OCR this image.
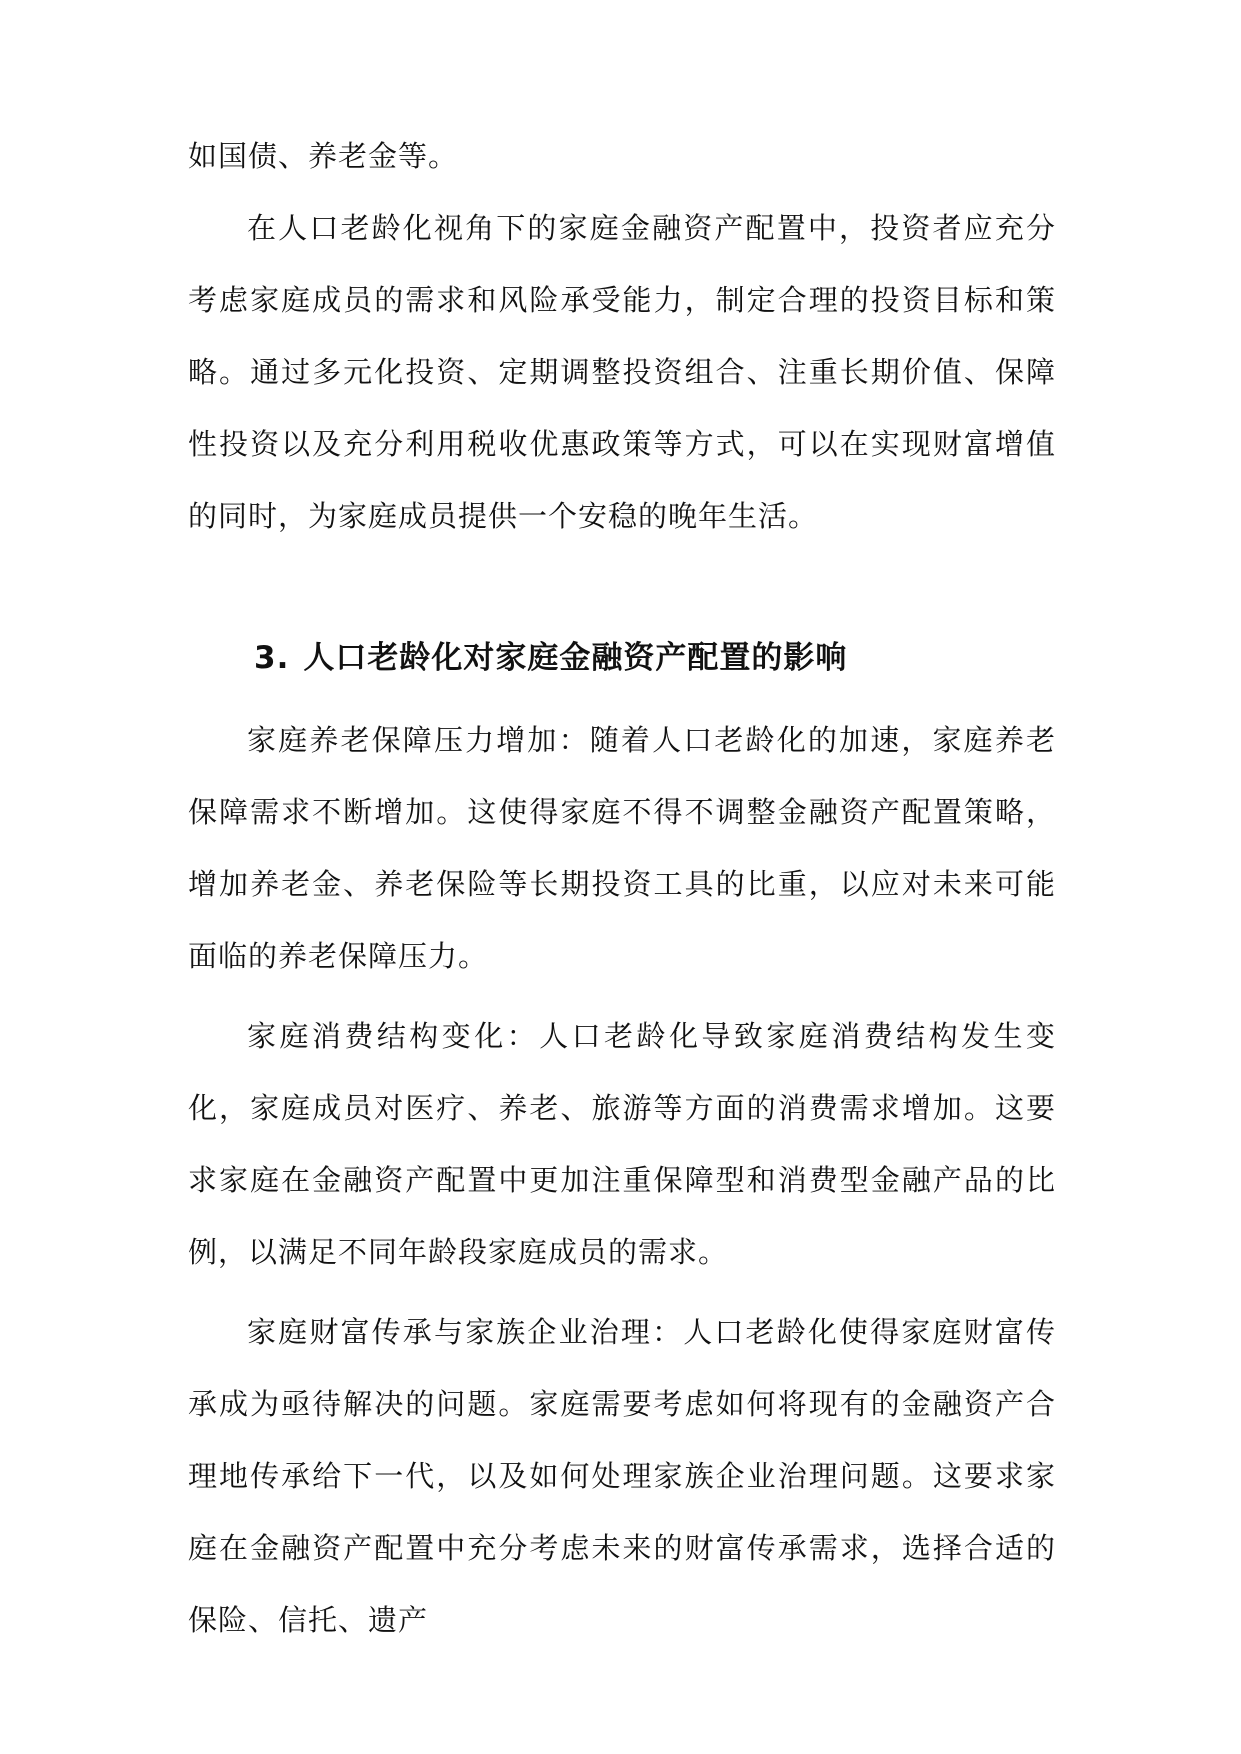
如国债、养老金等。

在人口老龄化视角下的家庭金融资产配置中，投资者应充分考虑家庭成员的需求和风险承受能力，制定合理的投资目标和策略。通过多元化投资、定期调整投资组合、注重长期价值、保障性投资以及充分利用税收优惠政策等方式，可以在实现财富增值的同时，为家庭成员提供一个安稳的晚年生活。

3. 人口老龄化对家庭金融资产配置的影响

家庭养老保障压力增加：随着人口老龄化的加速，家庭养老保障需求不断增加。这使得家庭不得不调整金融资产配置策略，增加养老金、养老保险等长期投资工具的比重，以应对未来可能面临的养老保障压力。

家庭消费结构变化：人口老龄化导致家庭消费结构发生变化，家庭成员对医疗、养老、旅游等方面的消费需求增加。这要求家庭在金融资产配置中更加注重保障型和消费型金融产品的比例，以满足不同年龄段家庭成员的需求。

家庭财富传承与家族企业治理：人口老龄化使得家庭财富传承成为亟待解决的问题。家庭需要考虑如何将现有的金融资产合理地传承给下一代，以及如何处理家族企业治理问题。这要求家庭在金融资产配置中充分考虑未来的财富传承需求，选择合适的保险、信托、遗产
